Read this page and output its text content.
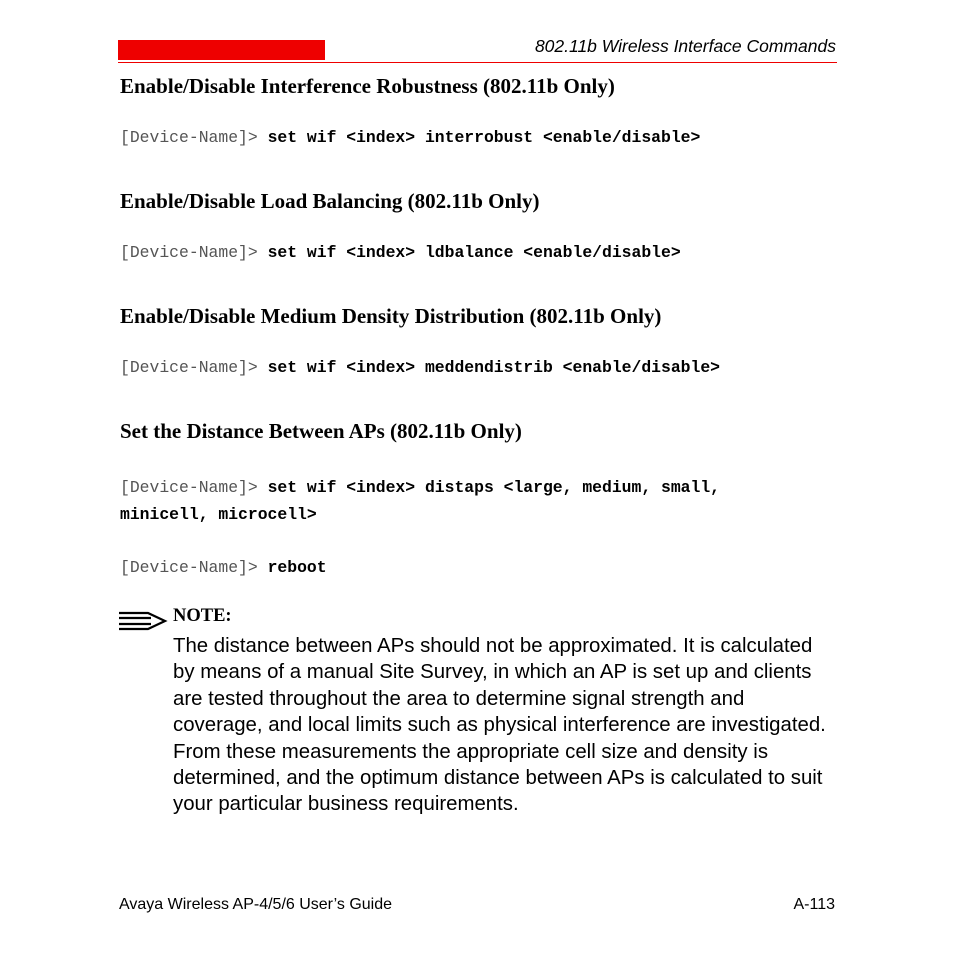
802.11b Wireless Interface Commands
Enable/Disable Interference Robustness (802.11b Only)
[Device-Name]> set wif <index> interrobust <enable/disable>
Enable/Disable Load Balancing (802.11b Only)
[Device-Name]> set wif <index> ldbalance <enable/disable>
Enable/Disable Medium Density Distribution (802.11b Only)
[Device-Name]> set wif <index> meddendistrib <enable/disable>
Set the Distance Between APs (802.11b Only)
[Device-Name]> set wif <index> distaps <large, medium, small,
minicell, microcell>
[Device-Name]> reboot
NOTE:

The distance between APs should not be approximated. It is calculated by means of a manual Site Survey, in which an AP is set up and clients are tested throughout the area to determine signal strength and coverage, and local limits such as physical interference are investigated. From these measurements the appropriate cell size and density is determined, and the optimum distance between APs is calculated to suit your particular business requirements.

Avaya Wireless AP-4/5/6 User’s Guide	A-113
